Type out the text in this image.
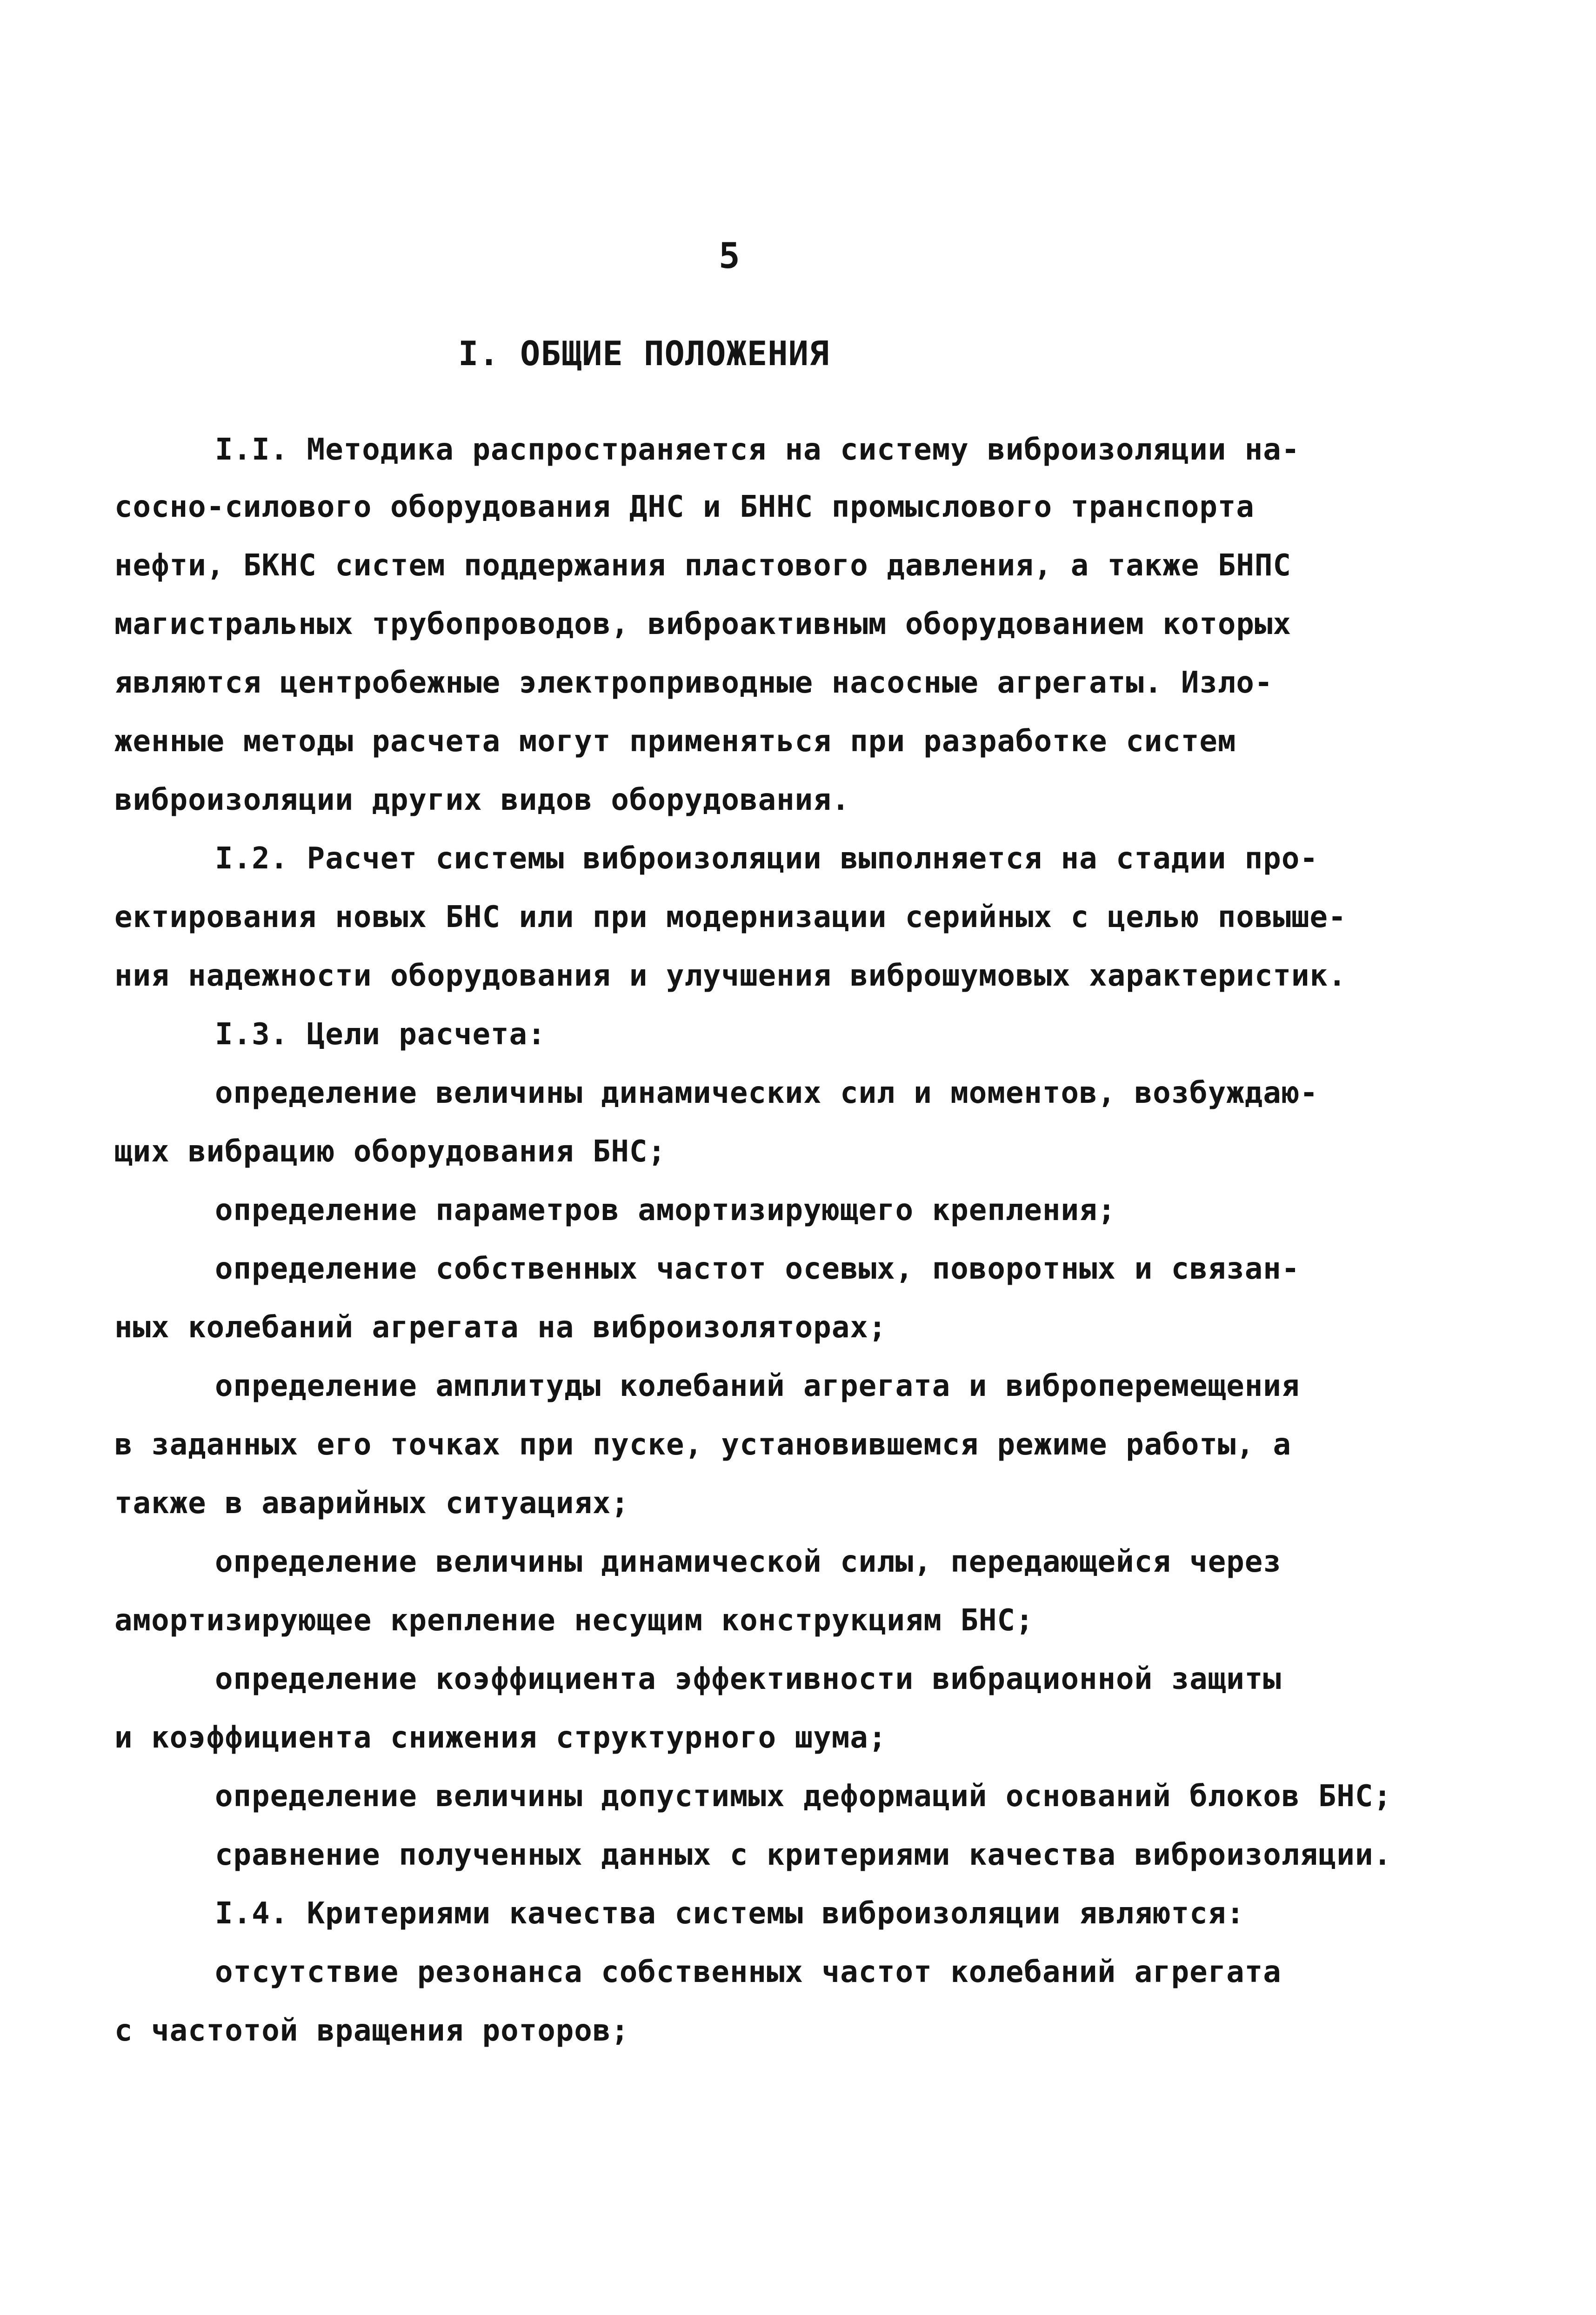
5
I. ОБЩИЕ ПОЛОЖЕНИЯ
I.I. Методика распространяется на систему виброизоляции на-
сосно-силового оборудования ДНС и БННС промыслового транспорта
нефти, БКНС систем поддержания пластового давления, а также БНПС
магистральных трубопроводов, виброактивным оборудованием которых
являются центробежные электроприводные насосные агрегаты. Изло-
женные методы расчета могут применяться при разработке систем
виброизоляции других видов оборудования.
I.2. Расчет системы виброизоляции выполняется на стадии про-
ектирования новых БНС или при модернизации серийных с целью повыше-
ния надежности оборудования и улучшения виброшумовых характеристик.
I.3. Цели расчета:
определение величины динамических сил и моментов, возбуждаю-
щих вибрацию оборудования БНС;
определение параметров амортизирующего крепления;
определение собственных частот осевых, поворотных и связан-
ных колебаний агрегата на виброизоляторах;
определение амплитуды колебаний агрегата и виброперемещения
в заданных его точках при пуске, установившемся режиме работы, а
также в аварийных ситуациях;
определение величины динамической силы, передающейся через
амортизирующее крепление несущим конструкциям БНС;
определение коэффициента эффективности вибрационной защиты
и коэффициента снижения структурного шума;
определение величины допустимых деформаций оснований блоков БНС;
сравнение полученных данных с критериями качества виброизоляции.
I.4. Критериями качества системы виброизоляции являются:
отсутствие резонанса собственных частот колебаний агрегата
с частотой вращения роторов;
